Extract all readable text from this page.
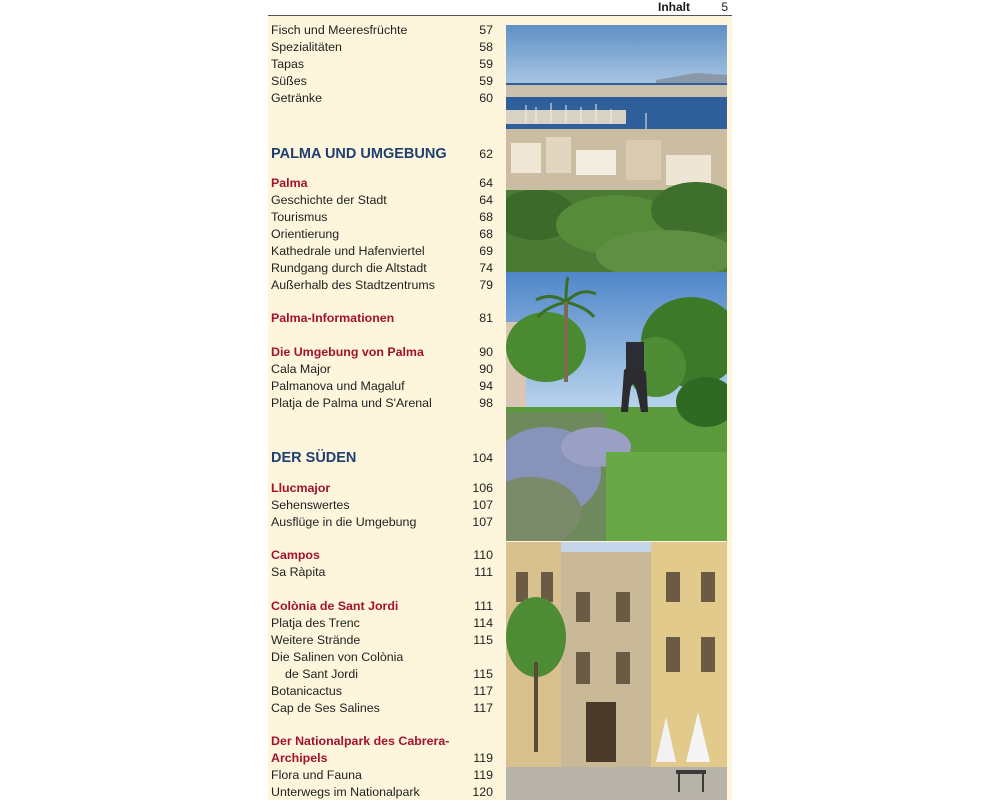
Inhalt	5
Fisch und Meeresfrüchte	57
Spezialitäten	58
Tapas	59
Süßes	59
Getränke	60
PALMA UND UMGEBUNG	62
Palma	64
Geschichte der Stadt	64
Tourismus	68
Orientierung	68
Kathedrale und Hafenviertel	69
Rundgang durch die Altstadt	74
Außerhalb des Stadtzentrums	79
Palma-Informationen	81
Die Umgebung von Palma	90
Cala Major	90
Palmanova und Magaluf	94
Platja de Palma und S'Arenal	98
DER SÜDEN	104
Llucmajor	106
Sehenswertes	107
Ausflüge in die Umgebung	107
Campos	110
Sa Ràpita	111
Colònia de Sant Jordi	111
Platja des Trenc	114
Weitere Strände	115
Die Salinen von Colònia
de Sant Jordi	115
Botanicactus	117
Cap de Ses Salines	117
Der Nationalpark des Cabrera-
Archipels	119
Flora und Fauna	119
Unterwegs im Nationalpark	120
